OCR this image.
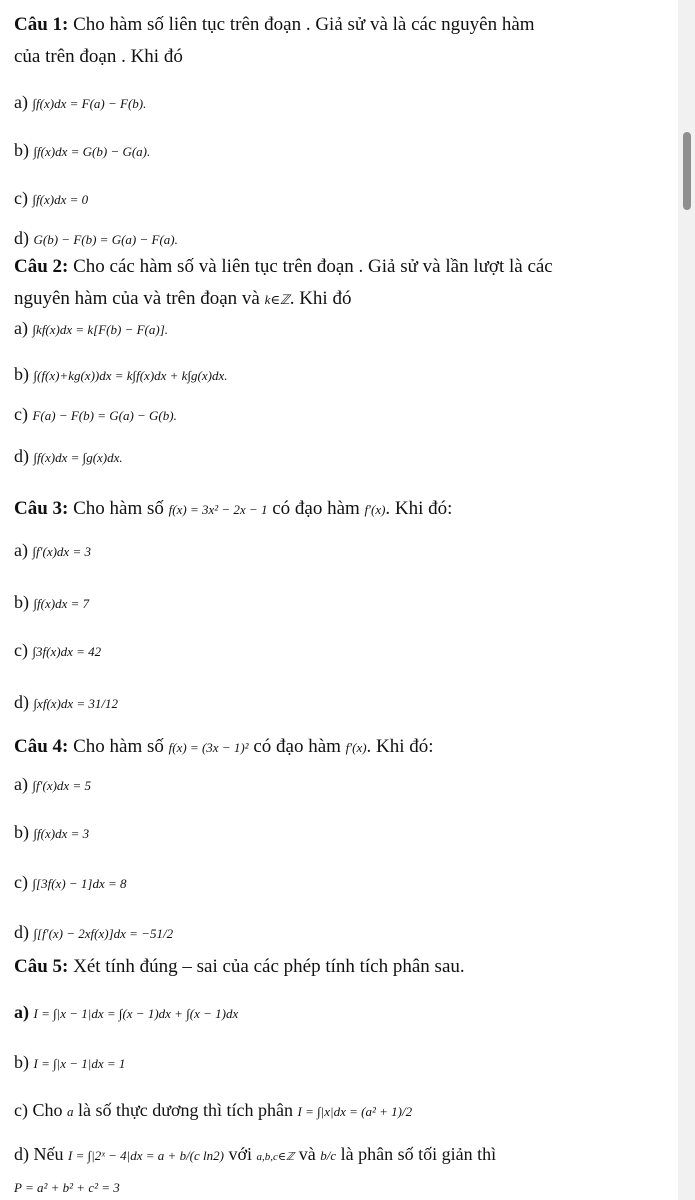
Câu 1: Cho hàm số liên tục trên đoạn . Giả sử và là các nguyên hàm
của trên đoạn . Khi đó
a) ∫f(x)dx = F(a) − F(b).
b) ∫f(x)dx = G(b) − G(a).
c) ∫f(x)dx = 0
d) G(b) − F(b) = G(a) − F(a).
Câu 2: Cho các hàm số và liên tục trên đoạn . Giả sử và lần lượt là các
nguyên hàm của và trên đoạn và k∈ℤ. Khi đó
a) ∫kf(x)dx = k[F(b) − F(a)].
b) ∫(f(x)+kg(x))dx = k∫f(x)dx + k∫g(x)dx.
c) F(a) − F(b) = G(a) − G(b).
d) ∫f(x)dx = ∫g(x)dx.
Câu 3: Cho hàm số f(x) = 3x² − 2x − 1 có đạo hàm f′(x). Khi đó:
a) ∫f′(x)dx = 3
b) ∫f(x)dx = 7
c) ∫3f(x)dx = 42
d) ∫xf(x)dx = 31/12
Câu 4: Cho hàm số f(x) = (3x − 1)² có đạo hàm f′(x). Khi đó:
a) ∫f′(x)dx = 5
b) ∫f(x)dx = 3
c) ∫[3f(x) − 1]dx = 8
d) ∫[f′(x) − 2xf(x)]dx = −51/2
Câu 5: Xét tính đúng – sai của các phép tính tích phân sau.
a) I = ∫|x − 1|dx = ∫(x − 1)dx + ∫(x − 1)dx
b) I = ∫|x − 1|dx = 1
c) Cho a là số thực dương thì tích phân I = ∫|x|dx = (a² + 1)/2
d) Nếu I = ∫|2ˣ − 4|dx = a + b/(c ln2) với a,b,c∈ℤ và b/c là phân số tối giản thì
P = a² + b² + c² = 3
